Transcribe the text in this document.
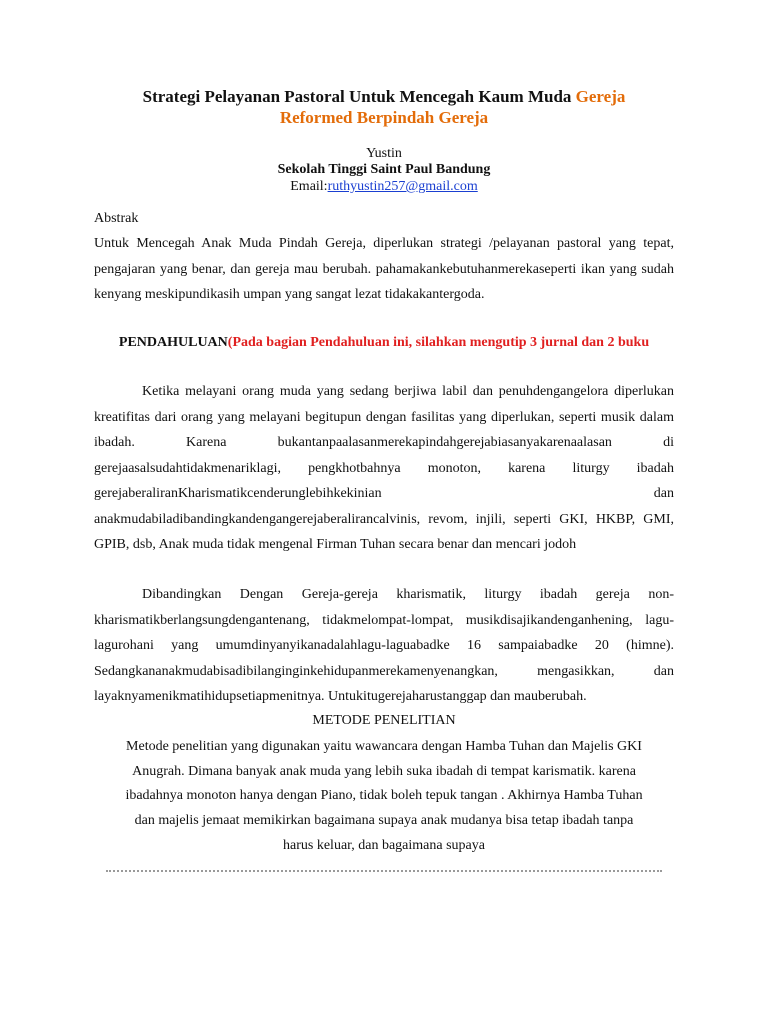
Strategi Pelayanan Pastoral Untuk Mencegah Kaum Muda Gereja
Reformed Berpindah Gereja
Yustin
Sekolah Tinggi Saint Paul Bandung
Email:ruthyustin257@gmail.com
Abstrak

Untuk Mencegah Anak Muda Pindah Gereja, diperlukan strategi /pelayanan pastoral yang tepat, pengajaran yang benar, dan gereja mau berubah. pahamakankebutuhanmerekaseperti ikan yang sudah kenyang meskipundikasih umpan yang sangat lezat tidakakantergoda.

PENDAHULUAN(Pada bagian Pendahuluan ini, silahkan mengutip 3 jurnal dan 2 buku

Ketika melayani orang muda yang sedang berjiwa labil dan penuhdengangelora diperlukan kreatifitas dari orang yang melayani begitupun dengan fasilitas yang diperlukan, seperti musik dalam ibadah. Karena bukantanpaalasanmerekapindahgerejabiasanyakarenaalasan di gerejaasalsudahtidakmenariklagi, pengkhotbahnya monoton, karena liturgy ibadah gerejaberaliranKharismatikcenderunglebihkekinian dan anakmudabiladibandingkandengangerejaberalirancalvinis, revom, injili, seperti GKI, HKBP, GMI, GPIB, dsb, Anak muda tidak mengenal Firman Tuhan secara benar dan mencari jodoh

Dibandingkan Dengan Gereja-gereja kharismatik, liturgy ibadah gereja non-kharismatikberlangsungdengantenang, tidakmelompat-lompat, musikdisajikandenganhening, lagu-lagurohani yang umumdinyanyikanadalahlagu-laguabadke 16 sampaiabadke 20 (himne). Sedangkananakmudabisadibilanginginkehidupanmerekamenyenangkan, mengasikkan, dan layaknyamenikmatihidupsetiapmenitnya. Untukitugerejaharustanggap dan mauberubah.

METODE PENELITIAN
Metode penelitian yang digunakan yaitu wawancara dengan Hamba Tuhan dan Majelis GKI
Anugrah. Dimana banyak anak muda yang lebih suka ibadah di tempat karismatik. karena
ibadahnya monoton hanya dengan Piano, tidak boleh tepuk tangan . Akhirnya Hamba Tuhan
dan majelis jemaat memikirkan bagaimana supaya anak mudanya bisa tetap ibadah tanpa
harus keluar, dan bagaimana supaya
